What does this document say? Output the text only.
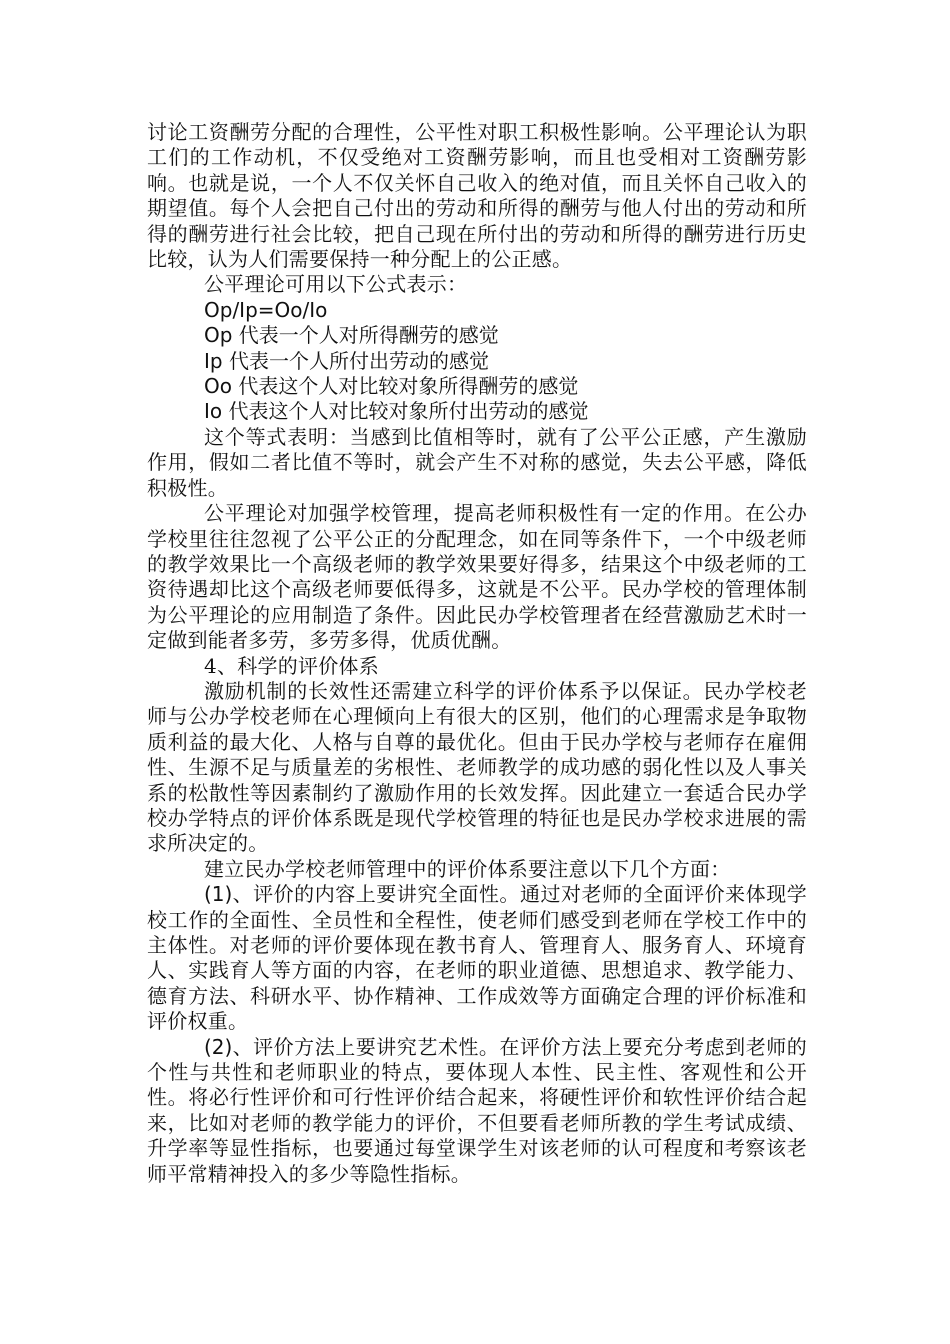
讨论工资酬劳分配的合理性，公平性对职工积极性影响。公平理论认为职工们的工作动机，不仅受绝对工资酬劳影响，而且也受相对工资酬劳影响。也就是说，一个人不仅关怀自己收入的绝对值，而且关怀自己收入的期望值。每个人会把自己付出的劳动和所得的酬劳与他人付出的劳动和所得的酬劳进行社会比较，把自己现在所付出的劳动和所得的酬劳进行历史比较，认为人们需要保持一种分配上的公正感。

公平理论可用以下公式表示：

Op/Ip=Oo/Io

Op 代表一个人对所得酬劳的感觉

Ip 代表一个人所付出劳动的感觉

Oo 代表这个人对比较对象所得酬劳的感觉

Io 代表这个人对比较对象所付出劳动的感觉

这个等式表明：当感到比值相等时，就有了公平公正感，产生激励作用，假如二者比值不等时，就会产生不对称的感觉，失去公平感，降低积极性。

公平理论对加强学校管理，提高老师积极性有一定的作用。在公办学校里往往忽视了公平公正的分配理念，如在同等条件下，一个中级老师的教学效果比一个高级老师的教学效果要好得多，结果这个中级老师的工资待遇却比这个高级老师要低得多，这就是不公平。民办学校的管理体制为公平理论的应用制造了条件。因此民办学校管理者在经营激励艺术时一定做到能者多劳，多劳多得，优质优酬。

4、科学的评价体系

激励机制的长效性还需建立科学的评价体系予以保证。民办学校老师与公办学校老师在心理倾向上有很大的区别，他们的心理需求是争取物质利益的最大化、人格与自尊的最优化。但由于民办学校与老师存在雇佣性、生源不足与质量差的劣根性、老师教学的成功感的弱化性以及人事关系的松散性等因素制约了激励作用的长效发挥。因此建立一套适合民办学校办学特点的评价体系既是现代学校管理的特征也是民办学校求进展的需求所决定的。

建立民办学校老师管理中的评价体系要注意以下几个方面：

(1)、评价的内容上要讲究全面性。通过对老师的全面评价来体现学校工作的全面性、全员性和全程性，使老师们感受到老师在学校工作中的主体性。对老师的评价要体现在教书育人、管理育人、服务育人、环境育人、实践育人等方面的内容，在老师的职业道德、思想追求、教学能力、德育方法、科研水平、协作精神、工作成效等方面确定合理的评价标准和评价权重。

(2)、评价方法上要讲究艺术性。在评价方法上要充分考虑到老师的个性与共性和老师职业的特点，要体现人本性、民主性、客观性和公开性。将必行性评价和可行性评价结合起来，将硬性评价和软性评价结合起来，比如对老师的教学能力的评价，不但要看老师所教的学生考试成绩、升学率等显性指标，也要通过每堂课学生对该老师的认可程度和考察该老师平常精神投入的多少等隐性指标。
